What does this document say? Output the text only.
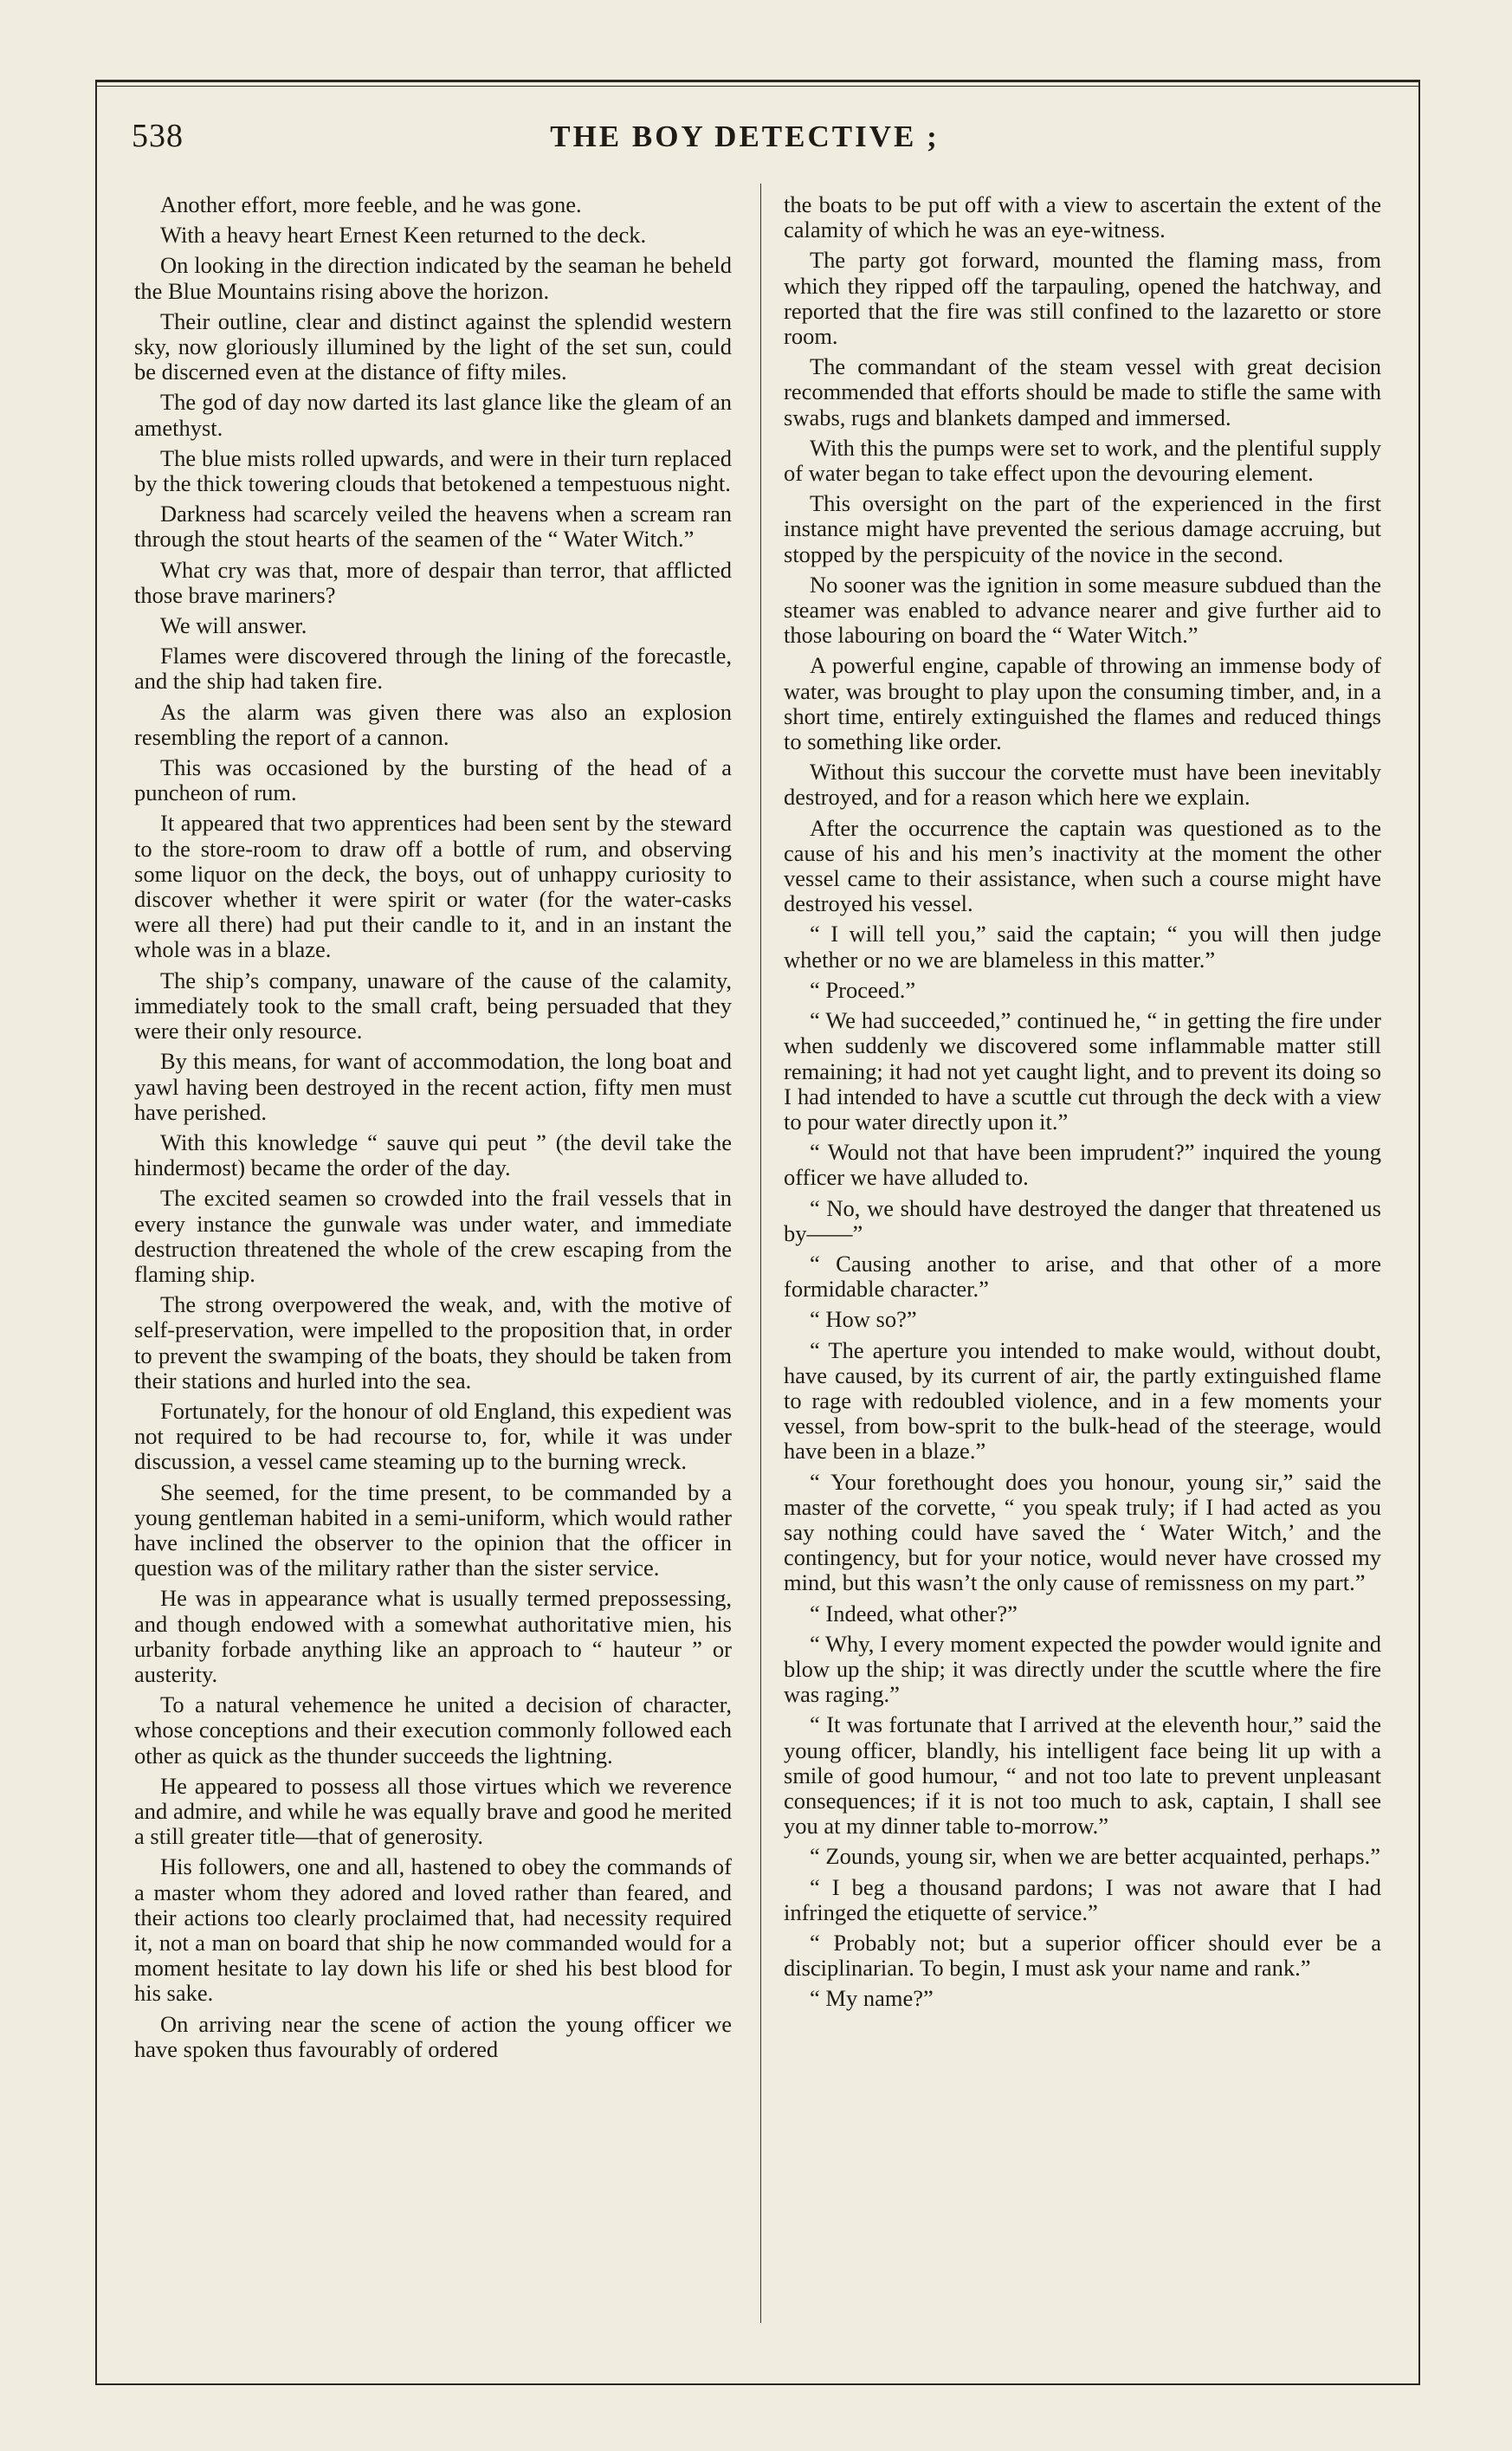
538	THE BOY DETECTIVE ;

Another effort, more feeble, and he was gone.

With a heavy heart Ernest Keen returned to the deck.

On looking in the direction indicated by the seaman he beheld the Blue Mountains rising above the horizon.

Their outline, clear and distinct against the splendid western sky, now gloriously illumined by the light of the set sun, could be discerned even at the distance of fifty miles.

The god of day now darted its last glance like the gleam of an amethyst.

The blue mists rolled upwards, and were in their turn replaced by the thick towering clouds that betokened a tempestuous night.

Darkness had scarcely veiled the heavens when a scream ran through the stout hearts of the seamen of the “ Water Witch.”

What cry was that, more of despair than terror, that afflicted those brave mariners?

We will answer.

Flames were discovered through the lining of the forecastle, and the ship had taken fire.

As the alarm was given there was also an explosion resembling the report of a cannon.

This was occasioned by the bursting of the head of a puncheon of rum.

It appeared that two apprentices had been sent by the steward to the store-room to draw off a bottle of rum, and observing some liquor on the deck, the boys, out of unhappy curiosity to discover whether it were spirit or water (for the water-casks were all there) had put their candle to it, and in an instant the whole was in a blaze.

The ship’s company, unaware of the cause of the calamity, immediately took to the small craft, being persuaded that they were their only resource.

By this means, for want of accommodation, the long boat and yawl having been destroyed in the recent action, fifty men must have perished.

With this knowledge “ sauve qui peut ” (the devil take the hindermost) became the order of the day.

The excited seamen so crowded into the frail vessels that in every instance the gunwale was under water, and immediate destruction threatened the whole of the crew escaping from the flaming ship.

The strong overpowered the weak, and, with the motive of self-preservation, were impelled to the proposition that, in order to prevent the swamping of the boats, they should be taken from their stations and hurled into the sea.

Fortunately, for the honour of old England, this expedient was not required to be had recourse to, for, while it was under discussion, a vessel came steaming up to the burning wreck.

She seemed, for the time present, to be commanded by a young gentleman habited in a semi-uniform, which would rather have inclined the observer to the opinion that the officer in question was of the military rather than the sister service.

He was in appearance what is usually termed prepossessing, and though endowed with a somewhat authoritative mien, his urbanity forbade anything like an approach to “ hauteur ” or austerity.

To a natural vehemence he united a decision of character, whose conceptions and their execution commonly followed each other as quick as the thunder succeeds the lightning.

He appeared to possess all those virtues which we reverence and admire, and while he was equally brave and good he merited a still greater title—that of generosity.

His followers, one and all, hastened to obey the commands of a master whom they adored and loved rather than feared, and their actions too clearly proclaimed that, had necessity required it, not a man on board that ship he now commanded would for a moment hesitate to lay down his life or shed his best blood for his sake.

On arriving near the scene of action the young officer we have spoken thus favourably of ordered

the boats to be put off with a view to ascertain the extent of the calamity of which he was an eye-witness.

The party got forward, mounted the flaming mass, from which they ripped off the tarpauling, opened the hatchway, and reported that the fire was still confined to the lazaretto or store room.

The commandant of the steam vessel with great decision recommended that efforts should be made to stifle the same with swabs, rugs and blankets damped and immersed.

With this the pumps were set to work, and the plentiful supply of water began to take effect upon the devouring element.

This oversight on the part of the experienced in the first instance might have prevented the serious damage accruing, but stopped by the perspicuity of the novice in the second.

No sooner was the ignition in some measure subdued than the steamer was enabled to advance nearer and give further aid to those labouring on board the “ Water Witch.”

A powerful engine, capable of throwing an immense body of water, was brought to play upon the consuming timber, and, in a short time, entirely extinguished the flames and reduced things to something like order.

Without this succour the corvette must have been inevitably destroyed, and for a reason which here we explain.

After the occurrence the captain was questioned as to the cause of his and his men’s inactivity at the moment the other vessel came to their assistance, when such a course might have destroyed his vessel.

“ I will tell you,” said the captain; “ you will then judge whether or no we are blameless in this matter.”

“ Proceed.”

“ We had succeeded,” continued he, “ in getting the fire under when suddenly we discovered some inflammable matter still remaining; it had not yet caught light, and to prevent its doing so I had intended to have a scuttle cut through the deck with a view to pour water directly upon it.”

“ Would not that have been imprudent?” inquired the young officer we have alluded to.

“ No, we should have destroyed the danger that threatened us by——”

“ Causing another to arise, and that other of a more formidable character.”

“ How so?”

“ The aperture you intended to make would, without doubt, have caused, by its current of air, the partly extinguished flame to rage with redoubled violence, and in a few moments your vessel, from bow-sprit to the bulk-head of the steerage, would have been in a blaze.”

“ Your forethought does you honour, young sir,” said the master of the corvette, “ you speak truly; if I had acted as you say nothing could have saved the ‘ Water Witch,’ and the contingency, but for your notice, would never have crossed my mind, but this wasn’t the only cause of remissness on my part.”

“ Indeed, what other?”

“ Why, I every moment expected the powder would ignite and blow up the ship; it was directly under the scuttle where the fire was raging.”

“ It was fortunate that I arrived at the eleventh hour,” said the young officer, blandly, his intelligent face being lit up with a smile of good humour, “ and not too late to prevent unpleasant consequences; if it is not too much to ask, captain, I shall see you at my dinner table to-morrow.”

“ Zounds, young sir, when we are better acquainted, perhaps.”

“ I beg a thousand pardons; I was not aware that I had infringed the etiquette of service.”

“ Probably not; but a superior officer should ever be a disciplinarian. To begin, I must ask your name and rank.”

“ My name?”
